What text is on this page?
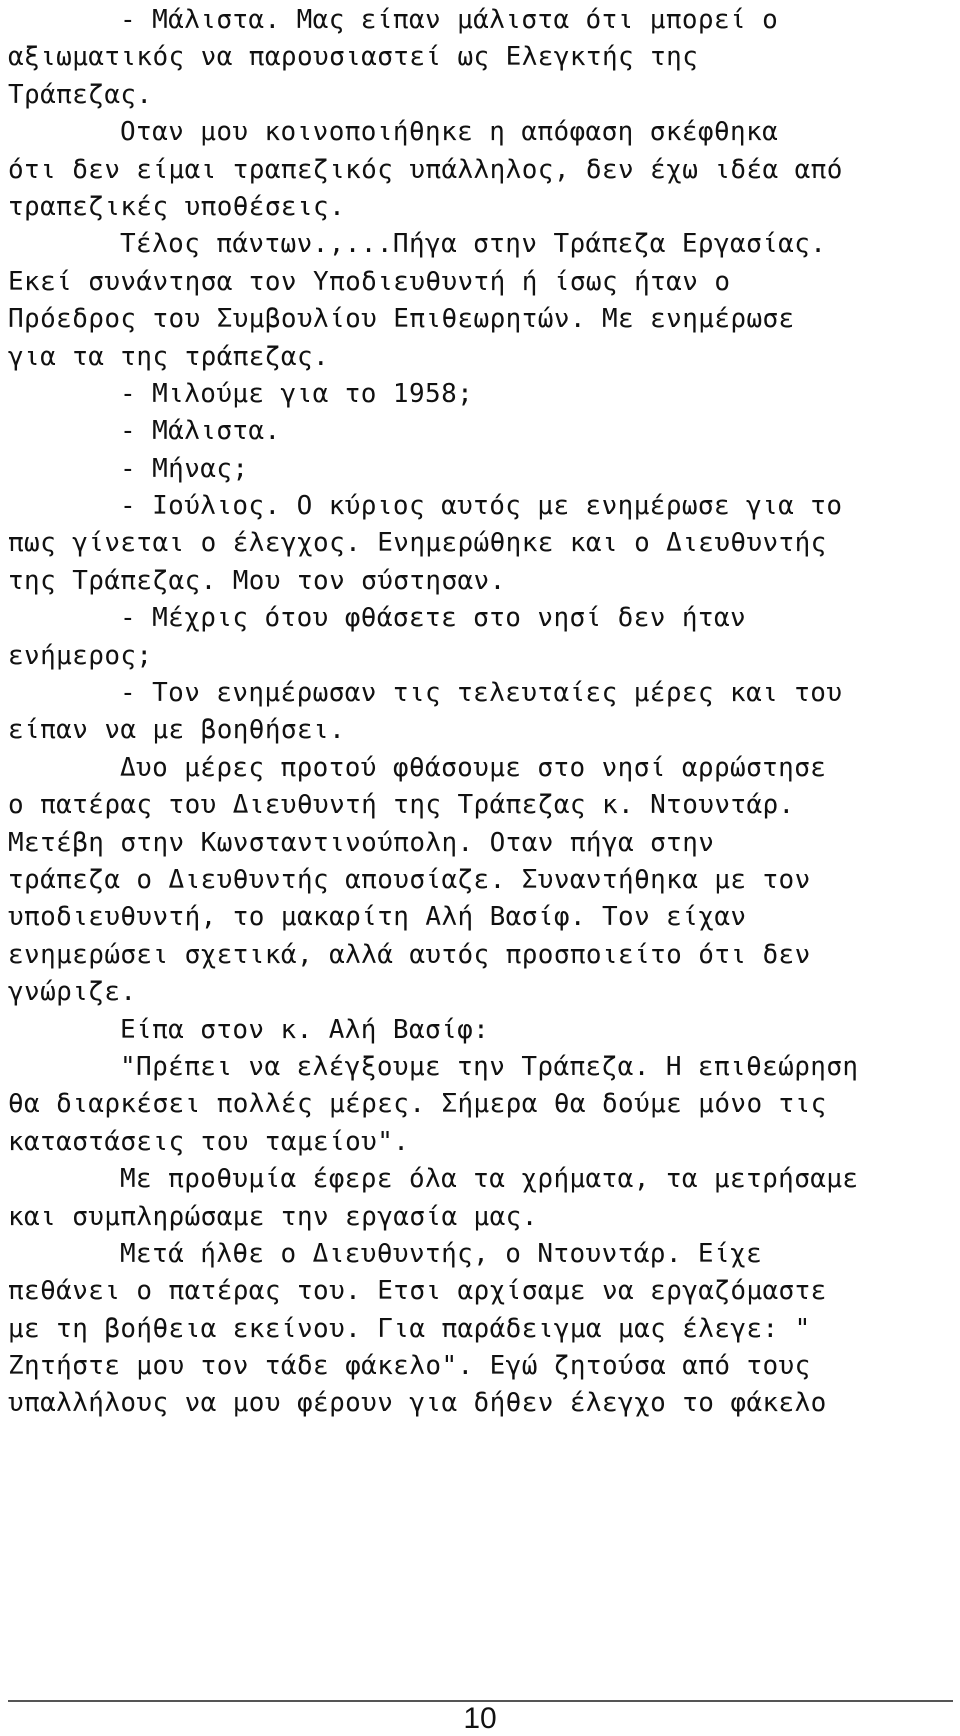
- Μάλιστα. Μας είπαν μάλιστα ότι μπορεί ο
αξιωματικός να παρουσιαστεί ως Ελεγκτής της
Τράπεζας.
Οταν μου κοινοποιήθηκε η απόφαση σκέφθηκα
ότι δεν είμαι τραπεζικός υπάλληλος, δεν έχω ιδέα από
τραπεζικές υποθέσεις.
Τέλος πάντων.,...Πήγα στην Τράπεζα Εργασίας.
Εκεί συνάντησα τον Υποδιευθυντή ή ίσως ήταν ο
Πρόεδρος του Συμβουλίου Επιθεωρητών. Με ενημέρωσε
για τα της τράπεζας.
- Μιλούμε για το 1958;
- Μάλιστα.
- Μήνας;
- Ιούλιος. Ο κύριος αυτός με ενημέρωσε για το
πως γίνεται ο έλεγχος. Ενημερώθηκε και ο Διευθυντής
της Τράπεζας. Μου τον σύστησαν.
- Μέχρις ότου φθάσετε στο νησί δεν ήταν
ενήμερος;
- Τον ενημέρωσαν τις τελευταίες μέρες και του
είπαν να με βοηθήσει.
Δυο μέρες προτού φθάσουμε στο νησί αρρώστησε
ο πατέρας του Διευθυντή της Τράπεζας κ. Ντουντάρ.
Μετέβη στην Κωνσταντινούπολη. Οταν πήγα στην
τράπεζα ο Διευθυντής απουσίαζε. Συναντήθηκα με τον
υποδιευθυντή, το μακαρίτη Αλή Βασίφ. Τον είχαν
ενημερώσει σχετικά, αλλά αυτός προσποιείτο ότι δεν
γνώριζε.
Είπα στον κ. Αλή Βασίφ:
"Πρέπει να ελέγξουμε την Τράπεζα. Η επιθεώρηση
θα διαρκέσει πολλές μέρες. Σήμερα θα δούμε μόνο τις
καταστάσεις του ταμείου".
Με προθυμία έφερε όλα τα χρήματα, τα μετρήσαμε
και συμπληρώσαμε την εργασία μας.
Μετά ήλθε ο Διευθυντής, ο Ντουντάρ. Είχε
πεθάνει ο πατέρας του. Ετσι αρχίσαμε να εργαζόμαστε
με τη βοήθεια εκείνου. Για παράδειγμα μας έλεγε: "
Ζητήστε μου τον τάδε φάκελο". Εγώ ζητούσα από τους
υπαλλήλους να μου φέρουν για δήθεν έλεγχο το φάκελο
10
